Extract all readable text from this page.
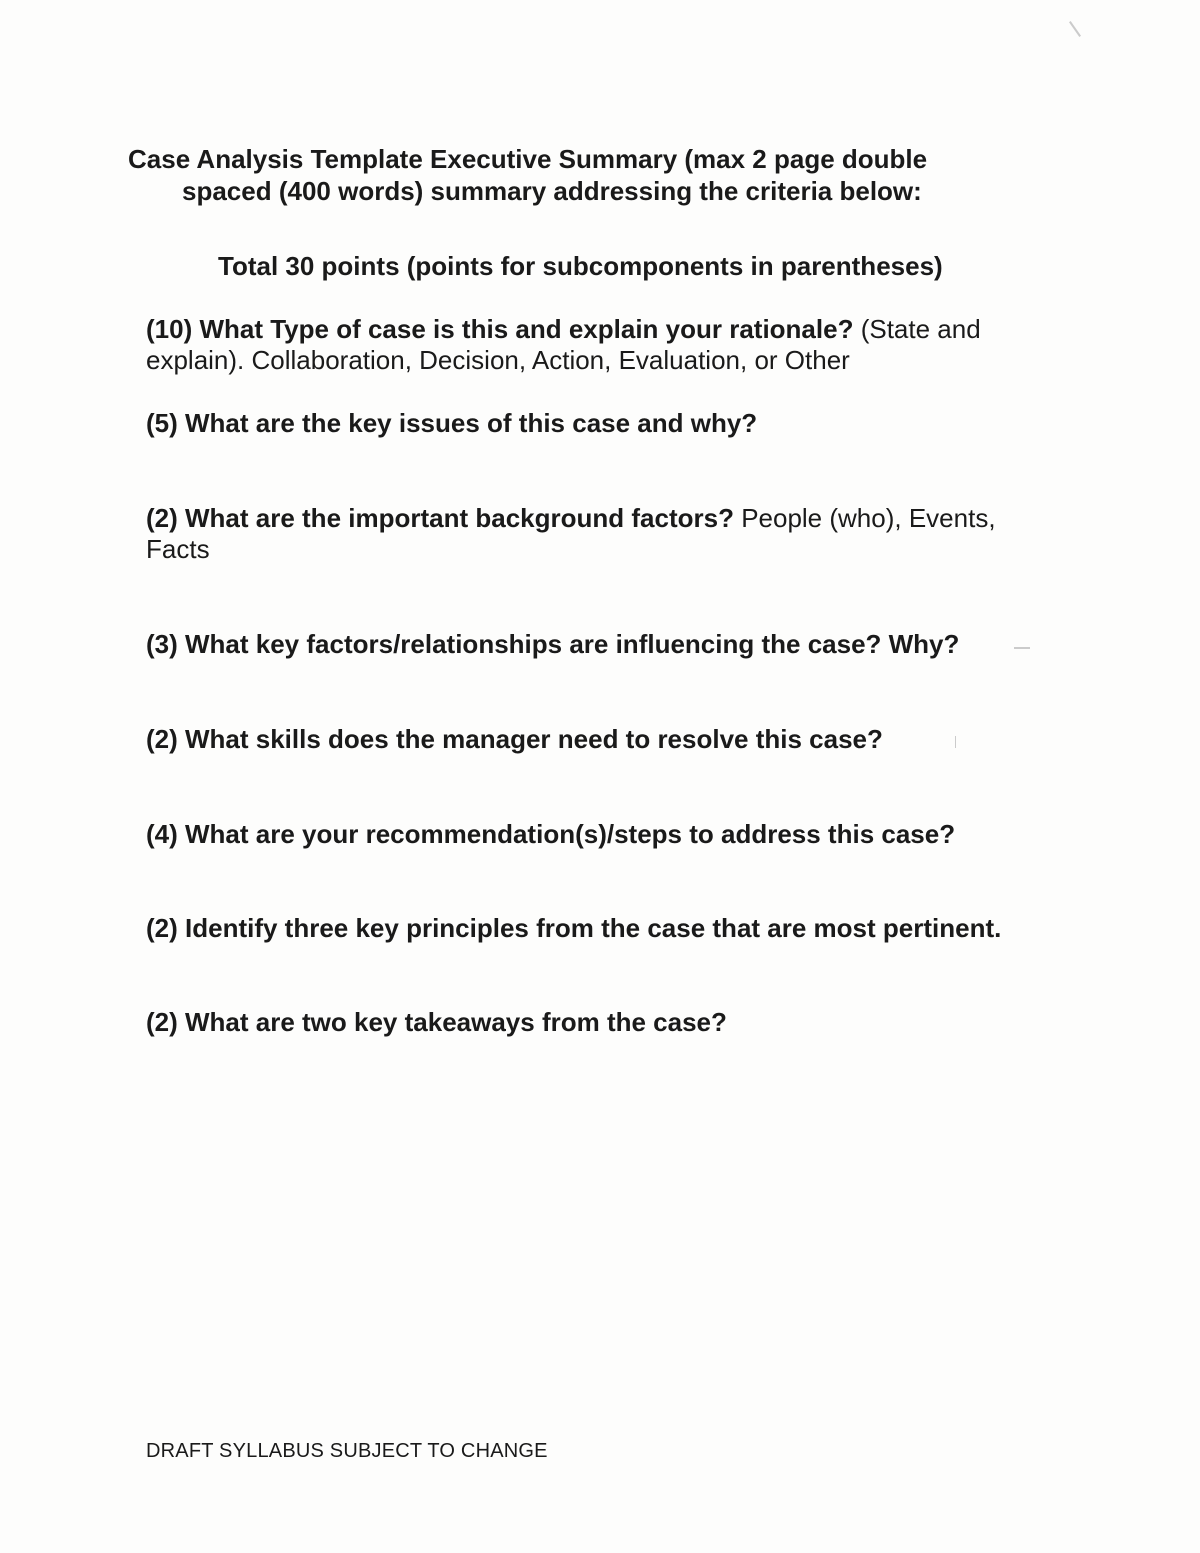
Case Analysis Template Executive Summary (max 2 page double
spaced (400 words) summary addressing the criteria below:

Total 30 points (points for subcomponents in parentheses)

(10) What Type of case is this and explain your rationale? (State and explain). Collaboration, Decision, Action, Evaluation, or Other

(5) What are the key issues of this case and why?

(2) What are the important background factors? People (who), Events, Facts

(3) What key factors/relationships are influencing the case? Why?

(2) What skills does the manager need to resolve this case?

(4) What are your recommendation(s)/steps to address this case?

(2) Identify three key principles from the case that are most pertinent.

(2) What are two key takeaways from the case?

DRAFT SYLLABUS SUBJECT TO CHANGE
